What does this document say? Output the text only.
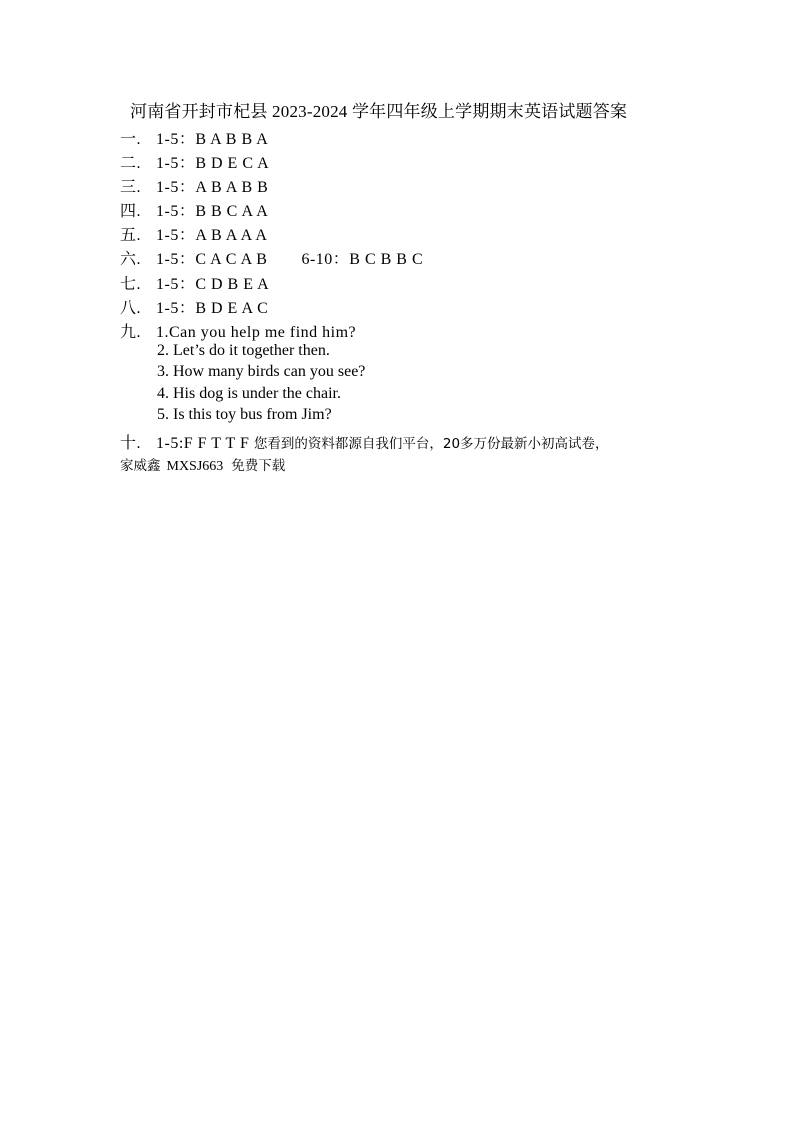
河南省开封市杞县 2023-2024 学年四年级上学期期末英语试题答案
一. 1-5：B A B B A
二. 1-5：B D E C A
三. 1-5：A B A B B
四. 1-5：B B C A A
五. 1-5：A B A A A
六. 1-5：C A C A B 6-10：B C B B C
七. 1-5：C D B E A
八. 1-5：B D E A C
九. 1.Can you help me find him?
2. Let’s do it together then.
3. How many birds can you see?
4. His dog is under the chair.
5. Is this toy bus from Jim?
十. 1-5:F F T T F 您看到的资料都源自我们平台，20多万份最新小初高试卷，
家威鑫 MXSJ663 免费下载
